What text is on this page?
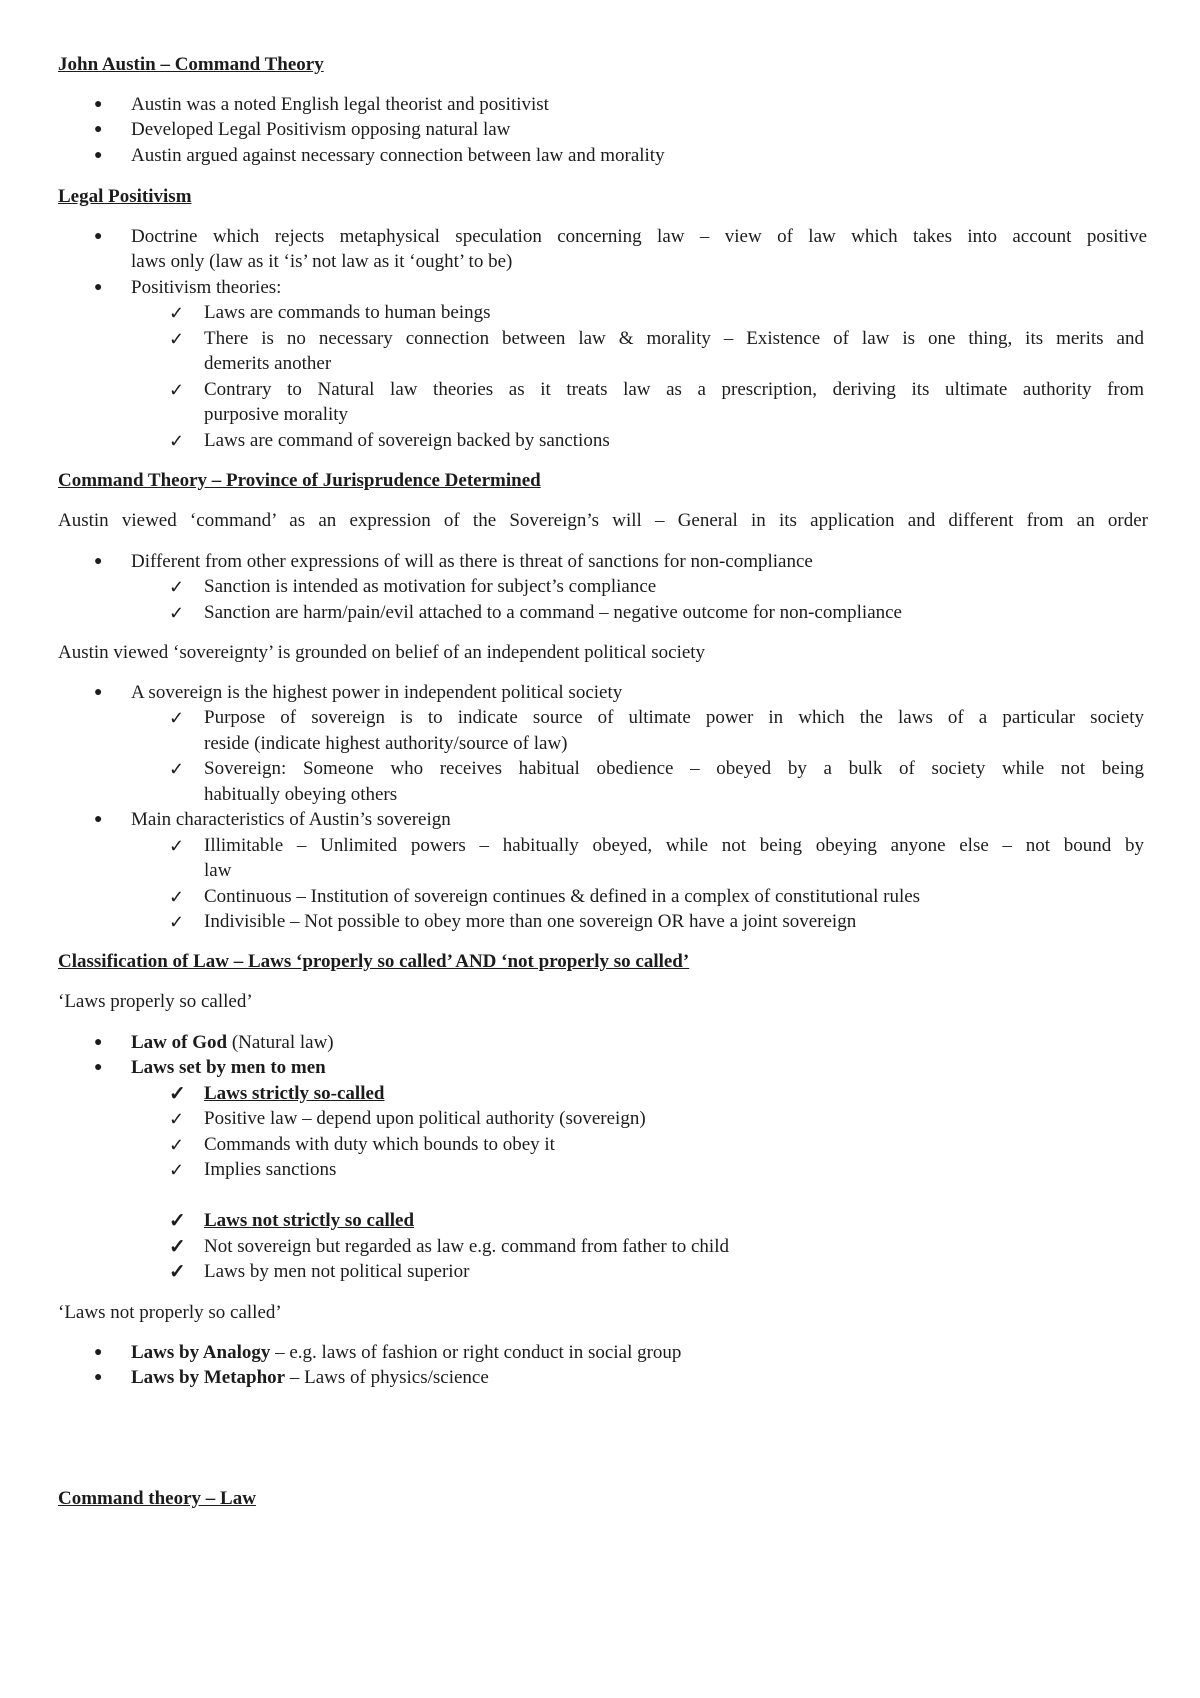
John Austin – Command Theory
● Austin was a noted English legal theorist and positivist
● Developed Legal Positivism opposing natural law
● Austin argued against necessary connection between law and morality
Legal Positivism
● Doctrine which rejects metaphysical speculation concerning law – view of law which takes into account positive
laws only (law as it ‘is’ not law as it ‘ought’ to be)
● Positivism theories:
✓ Laws are commands to human beings
✓ There is no necessary connection between law & morality – Existence of law is one thing, its merits and
demerits another
✓ Contrary to Natural law theories as it treats law as a prescription, deriving its ultimate authority from
purposive morality
✓ Laws are command of sovereign backed by sanctions
Command Theory – Province of Jurisprudence Determined
Austin viewed ‘command’ as an expression of the Sovereign’s will – General in its application and different from an order
● Different from other expressions of will as there is threat of sanctions for non-compliance
✓ Sanction is intended as motivation for subject’s compliance
✓ Sanction are harm/pain/evil attached to a command – negative outcome for non-compliance
Austin viewed ‘sovereignty’ is grounded on belief of an independent political society
● A sovereign is the highest power in independent political society
✓ Purpose of sovereign is to indicate source of ultimate power in which the laws of a particular society
reside (indicate highest authority/source of law)
✓ Sovereign: Someone who receives habitual obedience – obeyed by a bulk of society while not being
habitually obeying others
● Main characteristics of Austin’s sovereign
✓ Illimitable – Unlimited powers – habitually obeyed, while not being obeying anyone else – not bound by
law
✓ Continuous – Institution of sovereign continues & defined in a complex of constitutional rules
✓ Indivisible – Not possible to obey more than one sovereign OR have a joint sovereign
Classification of Law – Laws ‘properly so called’ AND ‘not properly so called’
‘Laws properly so called’
● Law of God (Natural law)
● Laws set by men to men
✓ Laws strictly so-called
✓ Positive law – depend upon political authority (sovereign)
✓ Commands with duty which bounds to obey it
✓ Implies sanctions
✓ Laws not strictly so called
✓ Not sovereign but regarded as law e.g. command from father to child
✓ Laws by men not political superior
‘Laws not properly so called’
● Laws by Analogy – e.g. laws of fashion or right conduct in social group
● Laws by Metaphor – Laws of physics/science
Command theory – Law
